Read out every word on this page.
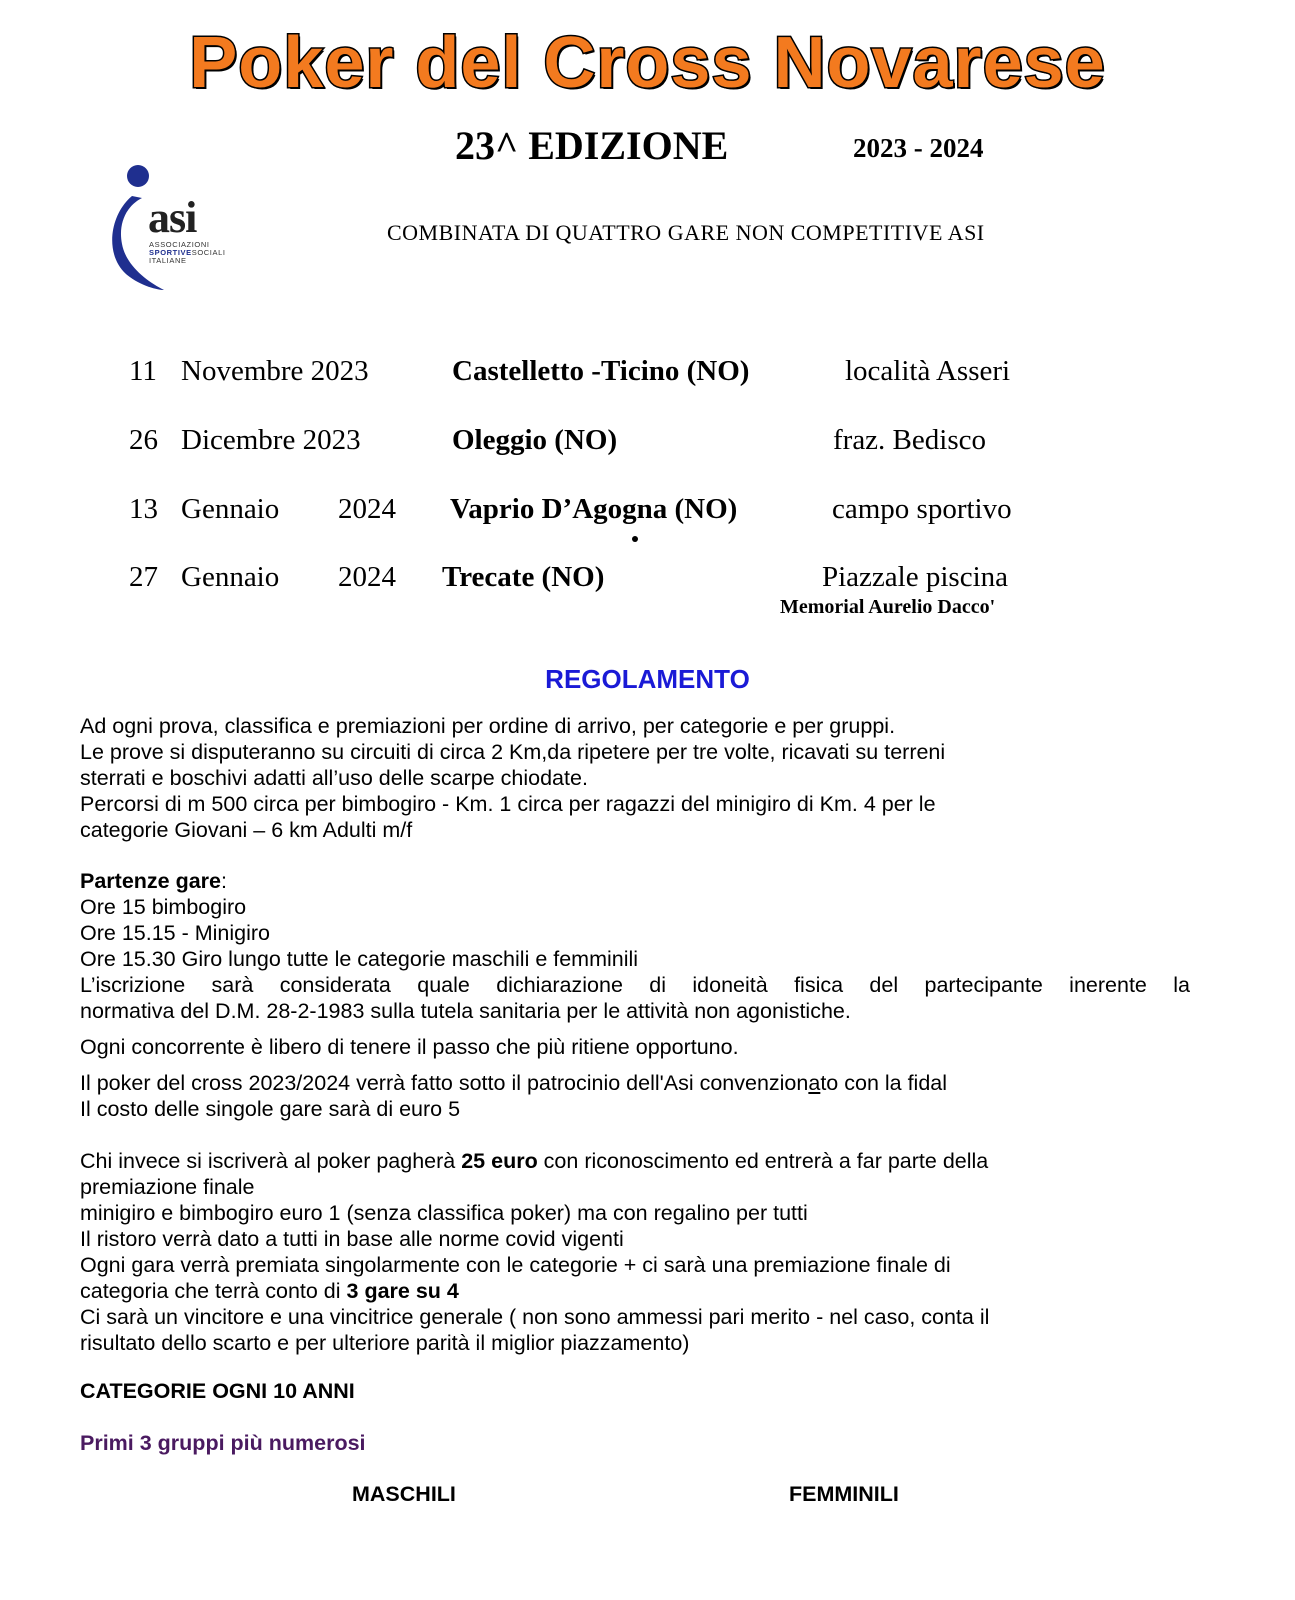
Poker del Cross Novarese
23^ EDIZIONE	2023 - 2024
COMBINATA DI QUATTRO GARE NON COMPETITIVE ASI
asi
ASSOCIAZIONI
SPORTIVESOCIALI
ITALIANE
11 Novembre 2023	Castelletto -Ticino (NO)	località Asseri
26 Dicembre 2023	Oleggio (NO)	fraz. Bedisco
13 Gennaio 2024 Vaprio D’Agogna (NO)	campo sportivo
27 Gennaio 2024 Trecate (NO)	Piazzale piscina
Memorial Aurelio Dacco'
REGOLAMENTO
Ad ogni prova, classifica e premiazioni per ordine di arrivo, per categorie e per gruppi.
Le prove si disputeranno su circuiti di circa 2 Km,da ripetere per tre volte, ricavati su terreni
sterrati e boschivi adatti all’uso delle scarpe chiodate.
Percorsi di m 500 circa per bimbogiro - Km. 1 circa per ragazzi del minigiro di Km. 4 per le
categorie Giovani – 6 km Adulti m/f
Partenze gare:
Ore 15 bimbogiro
Ore 15.15 - Minigiro
Ore 15.30 Giro lungo tutte le categorie maschili e femminili
L’iscrizione sarà considerata quale dichiarazione di idoneità fisica del partecipante inerente la
normativa del D.M. 28-2-1983 sulla tutela sanitaria per le attività non agonistiche.
Ogni concorrente è libero di tenere il passo che più ritiene opportuno.
Il poker del cross 2023/2024 verrà fatto sotto il patrocinio dell'Asi convenzionato con la fidal
Il costo delle singole gare sarà di euro 5
Chi invece si iscriverà al poker pagherà 25 euro con riconoscimento ed entrerà a far parte della
premiazione finale
minigiro e bimbogiro euro 1 (senza classifica poker) ma con regalino per tutti
Il ristoro verrà dato a tutti in base alle norme covid vigenti
Ogni gara verrà premiata singolarmente con le categorie + ci sarà una premiazione finale di
categoria che terrà conto di 3 gare su 4
Ci sarà un vincitore e una vincitrice generale ( non sono ammessi pari merito - nel caso, conta il
risultato dello scarto e per ulteriore parità il miglior piazzamento)
CATEGORIE OGNI 10 ANNI
Primi 3 gruppi più numerosi
MASCHILI	FEMMINILI
